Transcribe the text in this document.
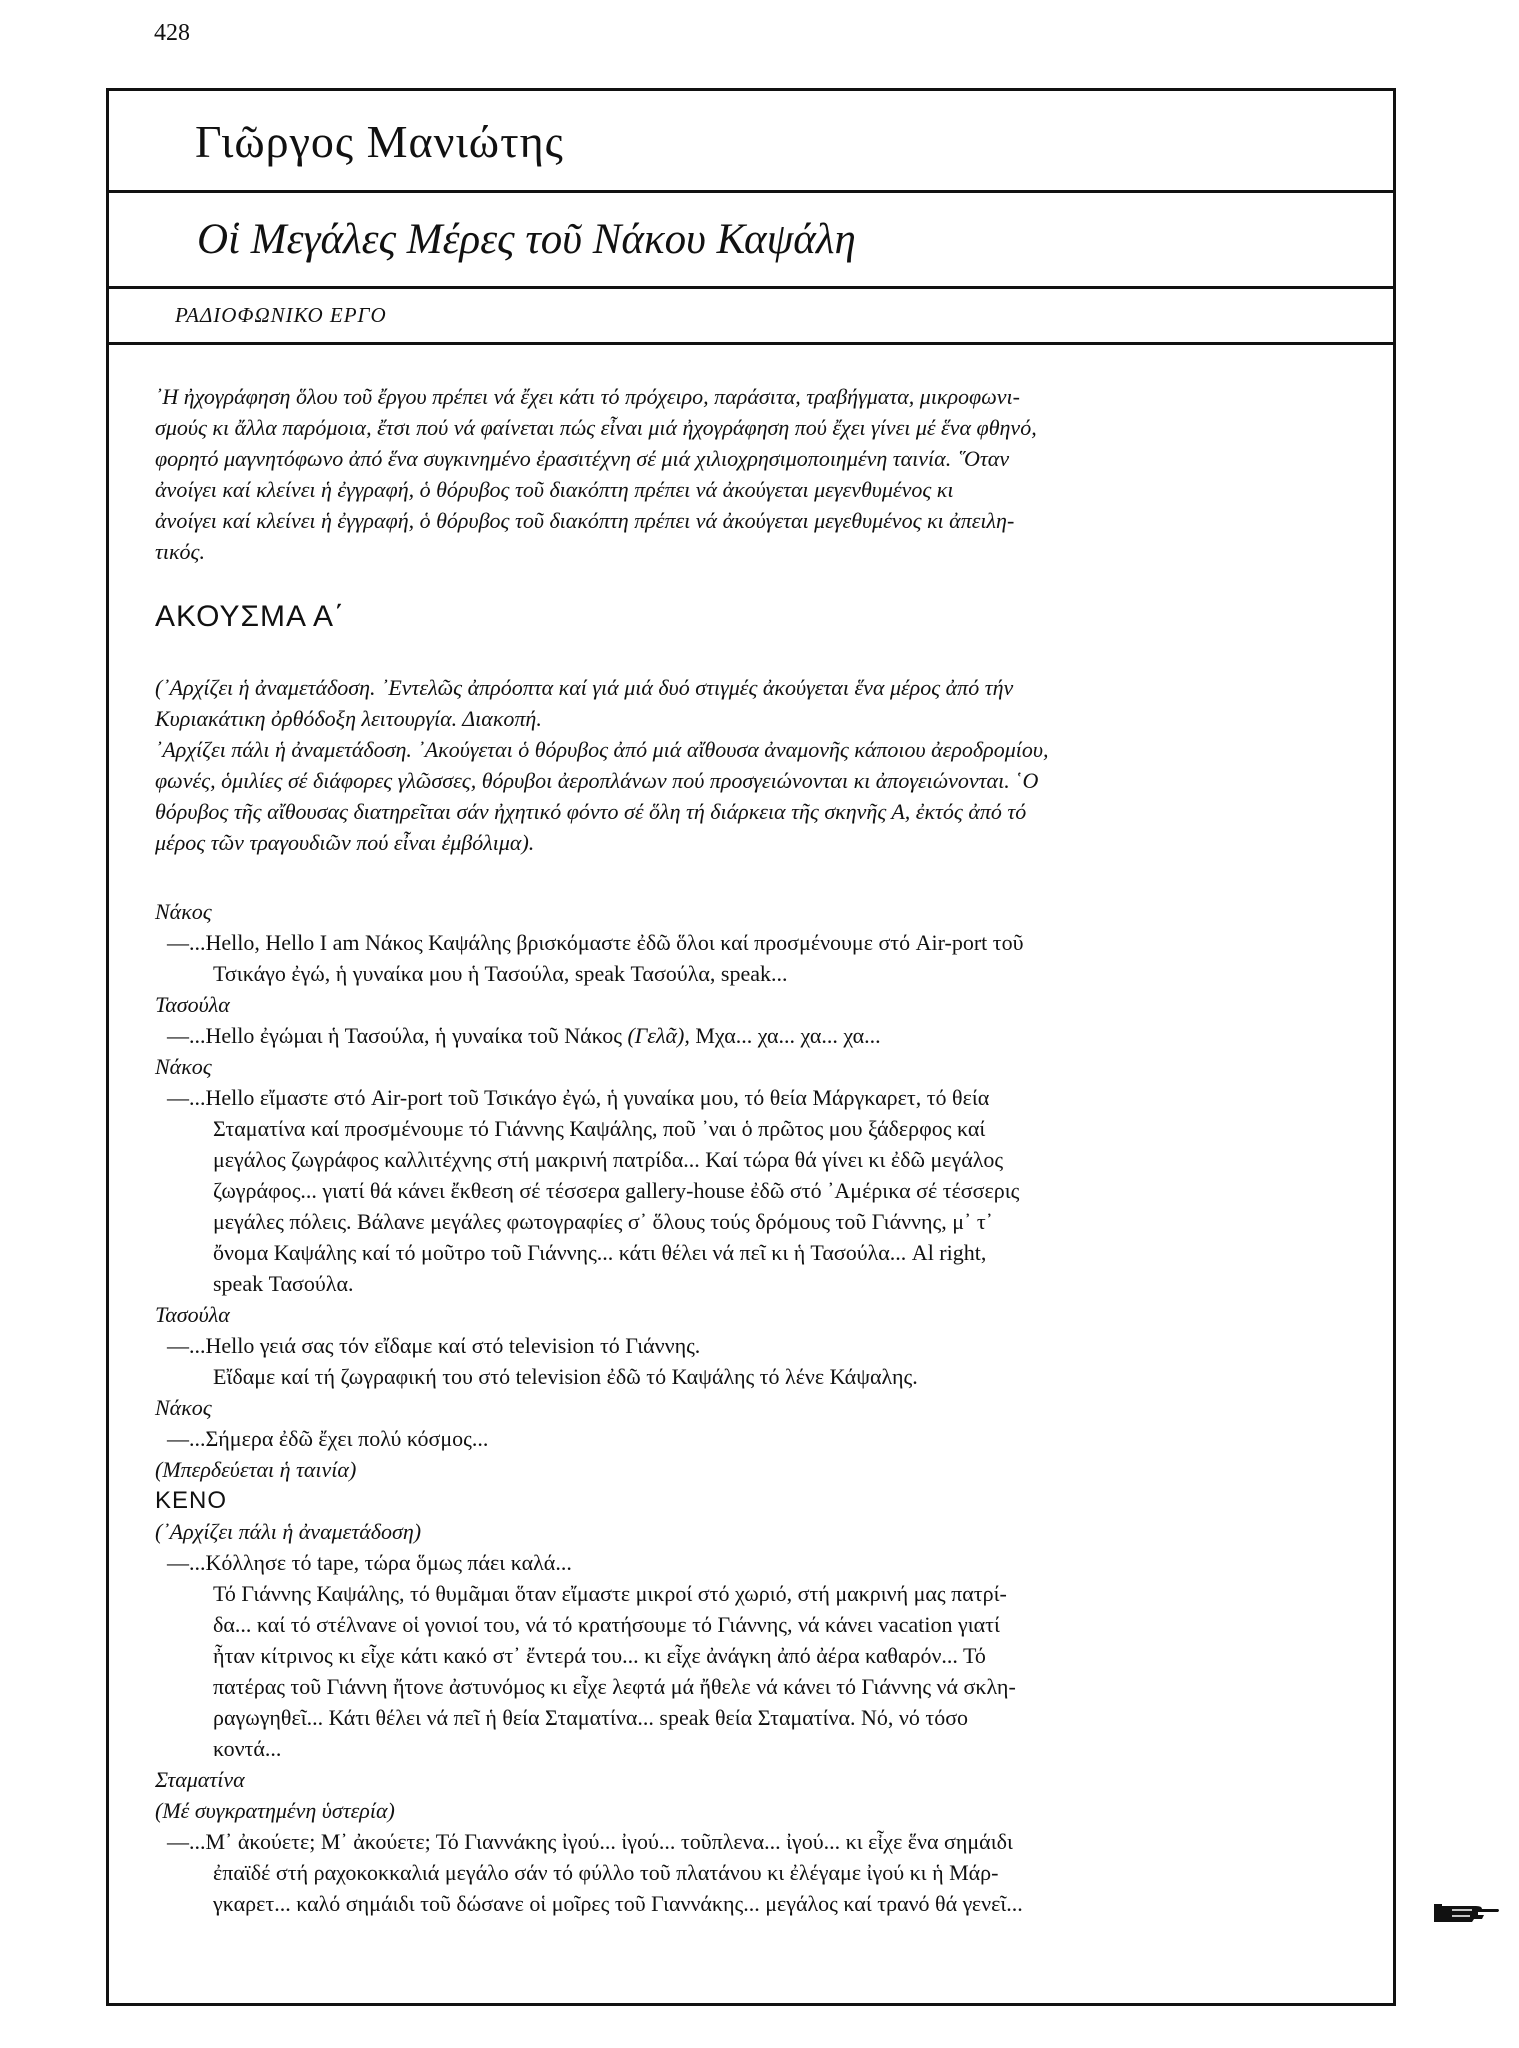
428
Γιῶργος Μανιώτης
Οἱ Μεγάλες Μέρες τοῦ Νάκου Καψάλη
ΡΑΔΙΟΦΩΝΙΚΟ ΕΡΓΟ

᾿Η ἠχογράφηση ὅλου τοῦ ἔργου πρέπει νά ἔχει κάτι τό πρόχειρο, παράσιτα, τραβήγματα, μικροφωνι-
σμούς κι ἄλλα παρόμοια, ἔτσι πού νά φαίνεται πώς εἶναι μιά ἠχογράφηση πού ἔχει γίνει μέ ἕνα φθηνό,
φορητό μαγνητόφωνο ἀπό ἕνα συγκινημένο ἐρασιτέχνη σέ μιά χιλιοχρησιμοποιημένη ταινία. ῞Οταν
ἀνοίγει καί κλείνει ἡ ἐγγραφή, ὁ θόρυβος τοῦ διακόπτη πρέπει νά ἀκούγεται μεγενθυμένος κι
ἀνοίγει καί κλείνει ἡ ἐγγραφή, ὁ θόρυβος τοῦ διακόπτη πρέπει νά ἀκούγεται μεγεθυμένος κι ἀπειλη-
τικός.

ΑΚΟΥΣΜΑ Α΄

(᾿Αρχίζει ἡ ἀναμετάδοση. ᾿Εντελῶς ἀπρόοπτα καί γιά μιά δυό στιγμές ἀκούγεται ἕνα μέρος ἀπό τήν
Κυριακάτικη ὀρθόδοξη λειτουργία. Διακοπή.
᾿Αρχίζει πάλι ἡ ἀναμετάδοση. ᾿Ακούγεται ὁ θόρυβος ἀπό μιά αἴθουσα ἀναμονῆς κάποιου ἀεροδρομίου,
φωνές, ὁμιλίες σέ διάφορες γλῶσσες, θόρυβοι ἀεροπλάνων πού προσγειώνονται κι ἀπογειώνονται. ῾Ο
θόρυβος τῆς αἴθουσας διατηρεῖται σάν ἠχητικό φόντο σέ ὅλη τή διάρκεια τῆς σκηνῆς Α, ἐκτός ἀπό τό
μέρος τῶν τραγουδιῶν πού εἶναι ἐμβόλιμα).

Νάκος
—...Hello, Hello I am Νάκος Καψάλης βρισκόμαστε ἐδῶ ὅλοι καί προσμένουμε στό Air-port τοῦ
Τσικάγο ἐγώ, ἡ γυναίκα μου ἡ Τασούλα, speak Τασούλα, speak...
Τασούλα
—...Hello ἐγώμαι ἡ Τασούλα, ἡ γυναίκα τοῦ Νάκος (Γελᾶ), Μχα... χα... χα... χα...
Νάκος
—...Hello εἴμαστε στό Air-port τοῦ Τσικάγο ἐγώ, ἡ γυναίκα μου, τό θεία Μάργκαρετ, τό θεία
Σταματίνα καί προσμένουμε τό Γιάννης Καψάλης, ποῦ ᾿ναι ὁ πρῶτος μου ξάδερφος καί
μεγάλος ζωγράφος καλλιτέχνης στή μακρινή πατρίδα... Καί τώρα θά γίνει κι ἐδῶ μεγάλος
ζωγράφος... γιατί θά κάνει ἔκθεση σέ τέσσερα gallery-house ἐδῶ στό ᾿Αμέρικα σέ τέσσερις
μεγάλες πόλεις. Βάλανε μεγάλες φωτογραφίες σ᾿ ὅλους τούς δρόμους τοῦ Γιάννης, μ᾿ τ᾿
ὄνομα Καψάλης καί τό μοῦτρο τοῦ Γιάννης... κάτι θέλει νά πεῖ κι ἡ Τασούλα... Al right,
speak Τασούλα.
Τασούλα
—...Hello γειά σας τόν εἴδαμε καί στό television τό Γιάννης.
Εἴδαμε καί τή ζωγραφική του στό television ἐδῶ τό Καψάλης τό λένε Κάψαλης.
Νάκος
—...Σήμερα ἐδῶ ἔχει πολύ κόσμος...
(Μπερδεύεται ἡ ταινία)
ΚΕΝΟ
(᾿Αρχίζει πάλι ἡ ἀναμετάδοση)
—...Κόλλησε τό tape, τώρα ὅμως πάει καλά...
Τό Γιάννης Καψάλης, τό θυμᾶμαι ὅταν εἴμαστε μικροί στό χωριό, στή μακρινή μας πατρί-
δα... καί τό στέλνανε οἱ γονιοί του, νά τό κρατήσουμε τό Γιάννης, νά κάνει vacation γιατί
ἦταν κίτρινος κι εἶχε κάτι κακό στ᾿ ἔντερά του... κι εἶχε ἀνάγκη ἀπό ἀέρα καθαρόν... Τό
πατέρας τοῦ Γιάννη ἤτονε ἀστυνόμος κι εἶχε λεφτά μά ἤθελε νά κάνει τό Γιάννης νά σκλη-
ραγωγηθεῖ... Κάτι θέλει νά πεῖ ἡ θεία Σταματίνα... speak θεία Σταματίνα. Νό, νό τόσο
κοντά...
Σταματίνα
(Μέ συγκρατημένη ὑστερία)
—...Μ᾿ ἀκούετε; Μ᾿ ἀκούετε; Τό Γιαννάκης ἰγού... ἰγού... τοῦπλενα... ἰγού... κι εἶχε ἕνα σημάιδι
ἐπαϊδέ στή ραχοκοκκαλιά μεγάλο σάν τό φύλλο τοῦ πλατάνου κι ἐλέγαμε ἰγού κι ἡ Μάρ-
γκαρετ... καλό σημάιδι τοῦ δώσανε οἱ μοῖρες τοῦ Γιαννάκης... μεγάλος καί τρανό θά γενεῖ...
